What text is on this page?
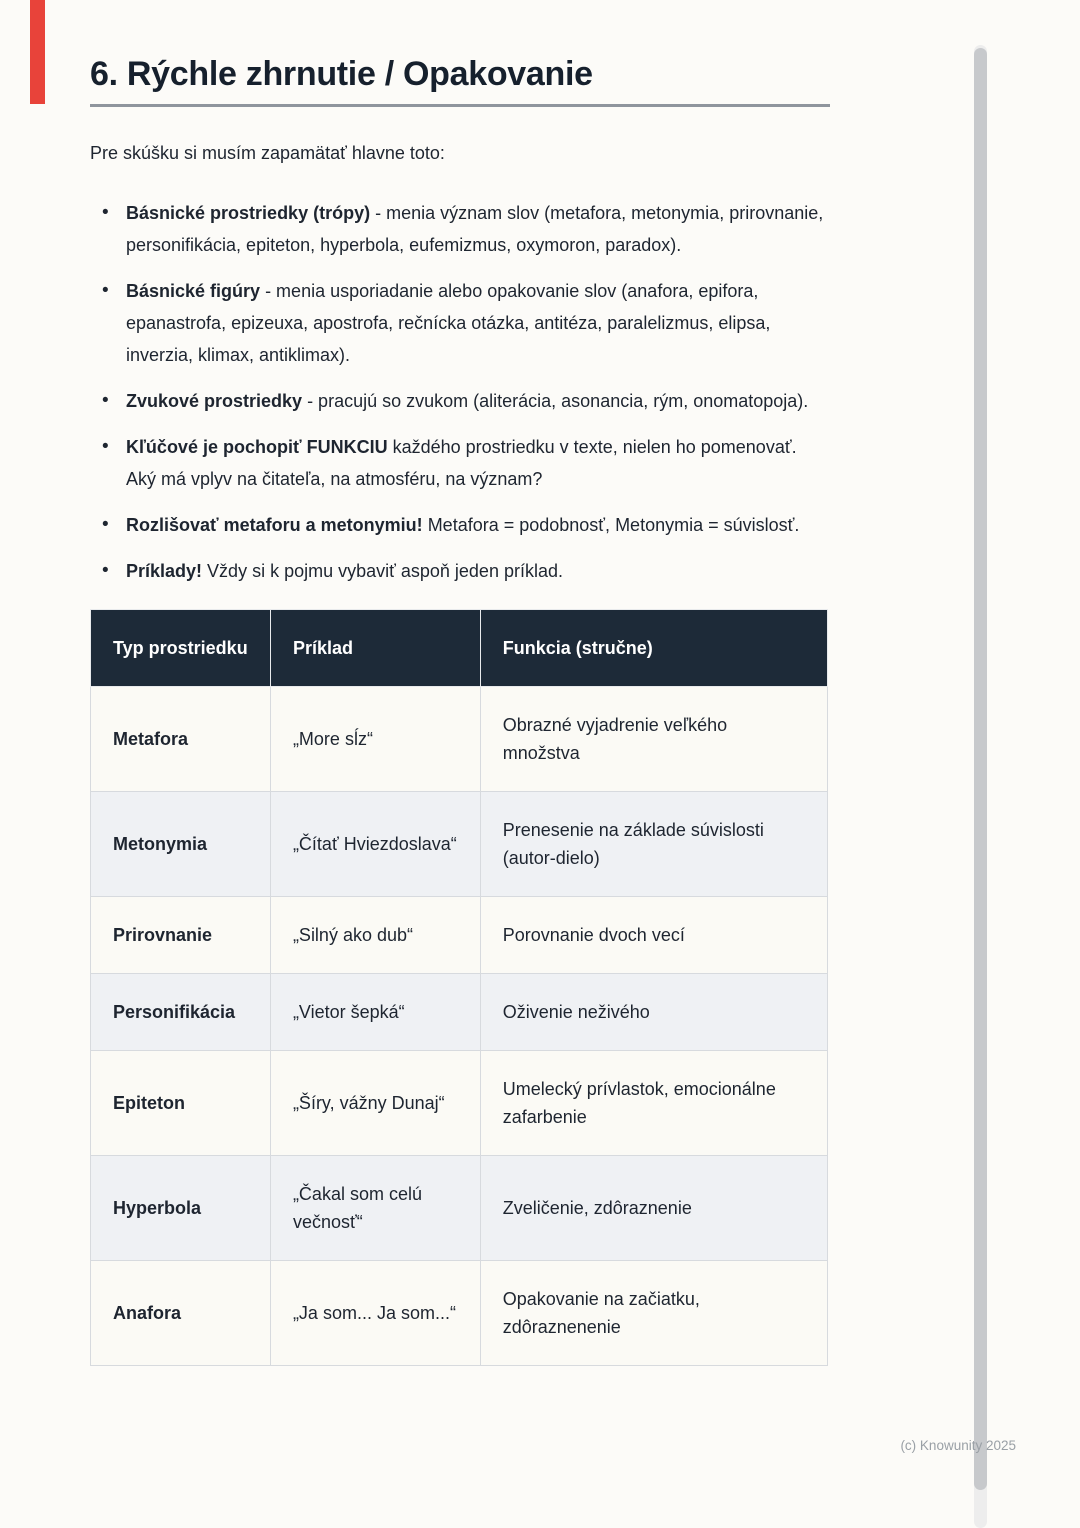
6. Rýchle zhrnutie / Opakovanie

Pre skúšku si musím zapamätať hlavne toto:

• Básnické prostriedky (trópy) - menia význam slov (metafora, metonymia, prirovnanie, personifikácia, epiteton, hyperbola, eufemizmus, oxymoron, paradox).
• Básnické figúry - menia usporiadanie alebo opakovanie slov (anafora, epifora, epanastrofa, epizeuxa, apostrofa, rečnícka otázka, antitéza, paralelizmus, elipsa, inverzia, klimax, antiklimax).
• Zvukové prostriedky - pracujú so zvukom (aliterácia, asonancia, rým, onomatopoja).
• Kľúčové je pochopiť FUNKCIU každého prostriedku v texte, nielen ho pomenovať. Aký má vplyv na čitateľa, na atmosféru, na význam?
• Rozlišovať metaforu a metonymiu! Metafora = podobnosť, Metonymia = súvislosť.
• Príklady! Vždy si k pojmu vybaviť aspoň jeden príklad.
Typ prostriedku	Príklad	Funkcia (stručne)
Metafora	„More sĺz“	Obrazné vyjadrenie veľkého množstva
Metonymia	„Čítať Hviezdoslava“	Prenesenie na základe súvislosti (autor-dielo)
Prirovnanie	„Silný ako dub“	Porovnanie dvoch vecí
Personifikácia	„Vietor šepká“	Oživenie neživého
Epiteton	„Šíry, vážny Dunaj“	Umelecký prívlastok, emocionálne zafarbenie
Hyperbola	„Čakal som celú večnosť“	Zveličenie, zdôraznenie
Anafora	„Ja som... Ja som...“	Opakovanie na začiatku, zdôraznenenie
(c) Knowunity 2025
